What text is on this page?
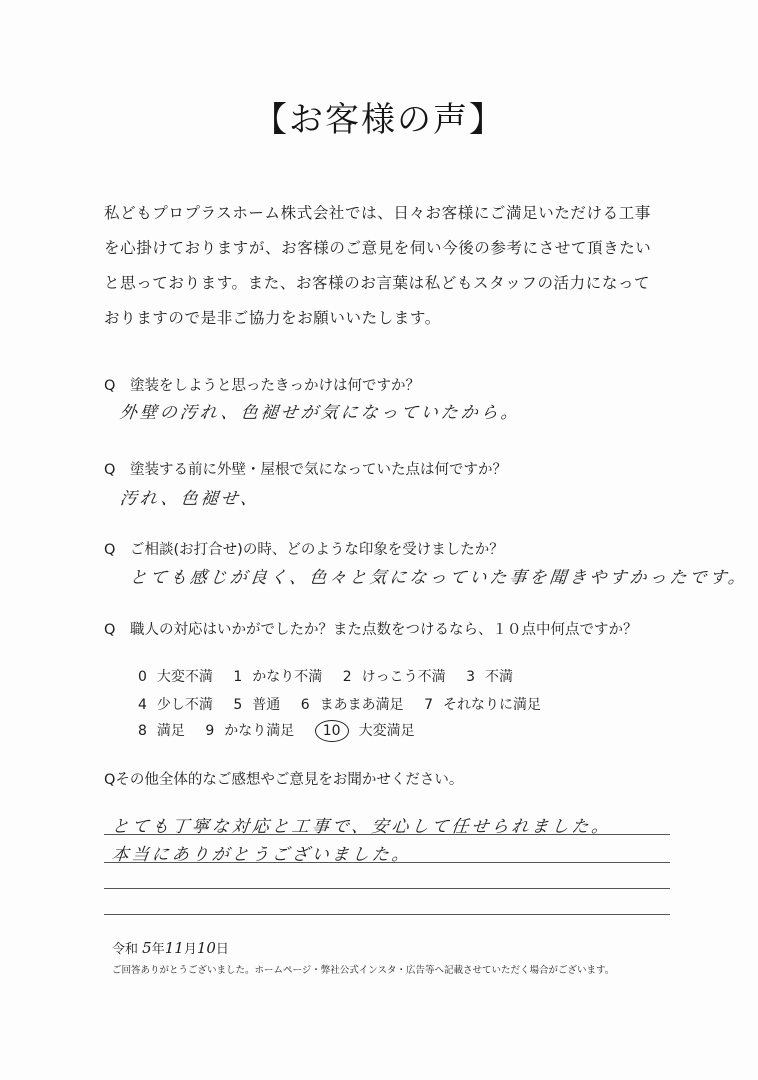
【お客様の声】
私どもプロプラスホーム株式会社では、日々お客様にご満足いただける工事
を心掛けておりますが、お客様のご意見を伺い今後の参考にさせて頂きたい
と思っております。また、お客様のお言葉は私どもスタッフの活力になって
おりますので是非ご協力をお願いいたします。
Q 塗装をしようと思ったきっかけは何ですか？
外壁の汚れ、色褪せが気になっていたから。
Q 塗装する前に外壁・屋根で気になっていた点は何ですか？
汚れ、色褪せ、
Q ご相談(お打合せ)の時、どのような印象を受けましたか？
とても感じが良く、色々と気になっていた事を聞きやすかったです。
Q 職人の対応はいかがでしたか？また点数をつけるなら、１０点中何点ですか？
0 大変不満 1 かなり不満 2 けっこう不満 3 不満
4 少し不満 5 普通 6 まあまあ満足 7 それなりに満足
8 満足 9 かなり満足 10 大変満足
Qその他全体的なご感想やご意見をお聞かせください。
とても丁寧な対応と工事で、安心して任せられました。
本当にありがとうございました。
令和 5年11月10日
ご回答ありがとうございました。ホームページ・弊社公式インスタ・広告等へ記載させていただく場合がございます。
